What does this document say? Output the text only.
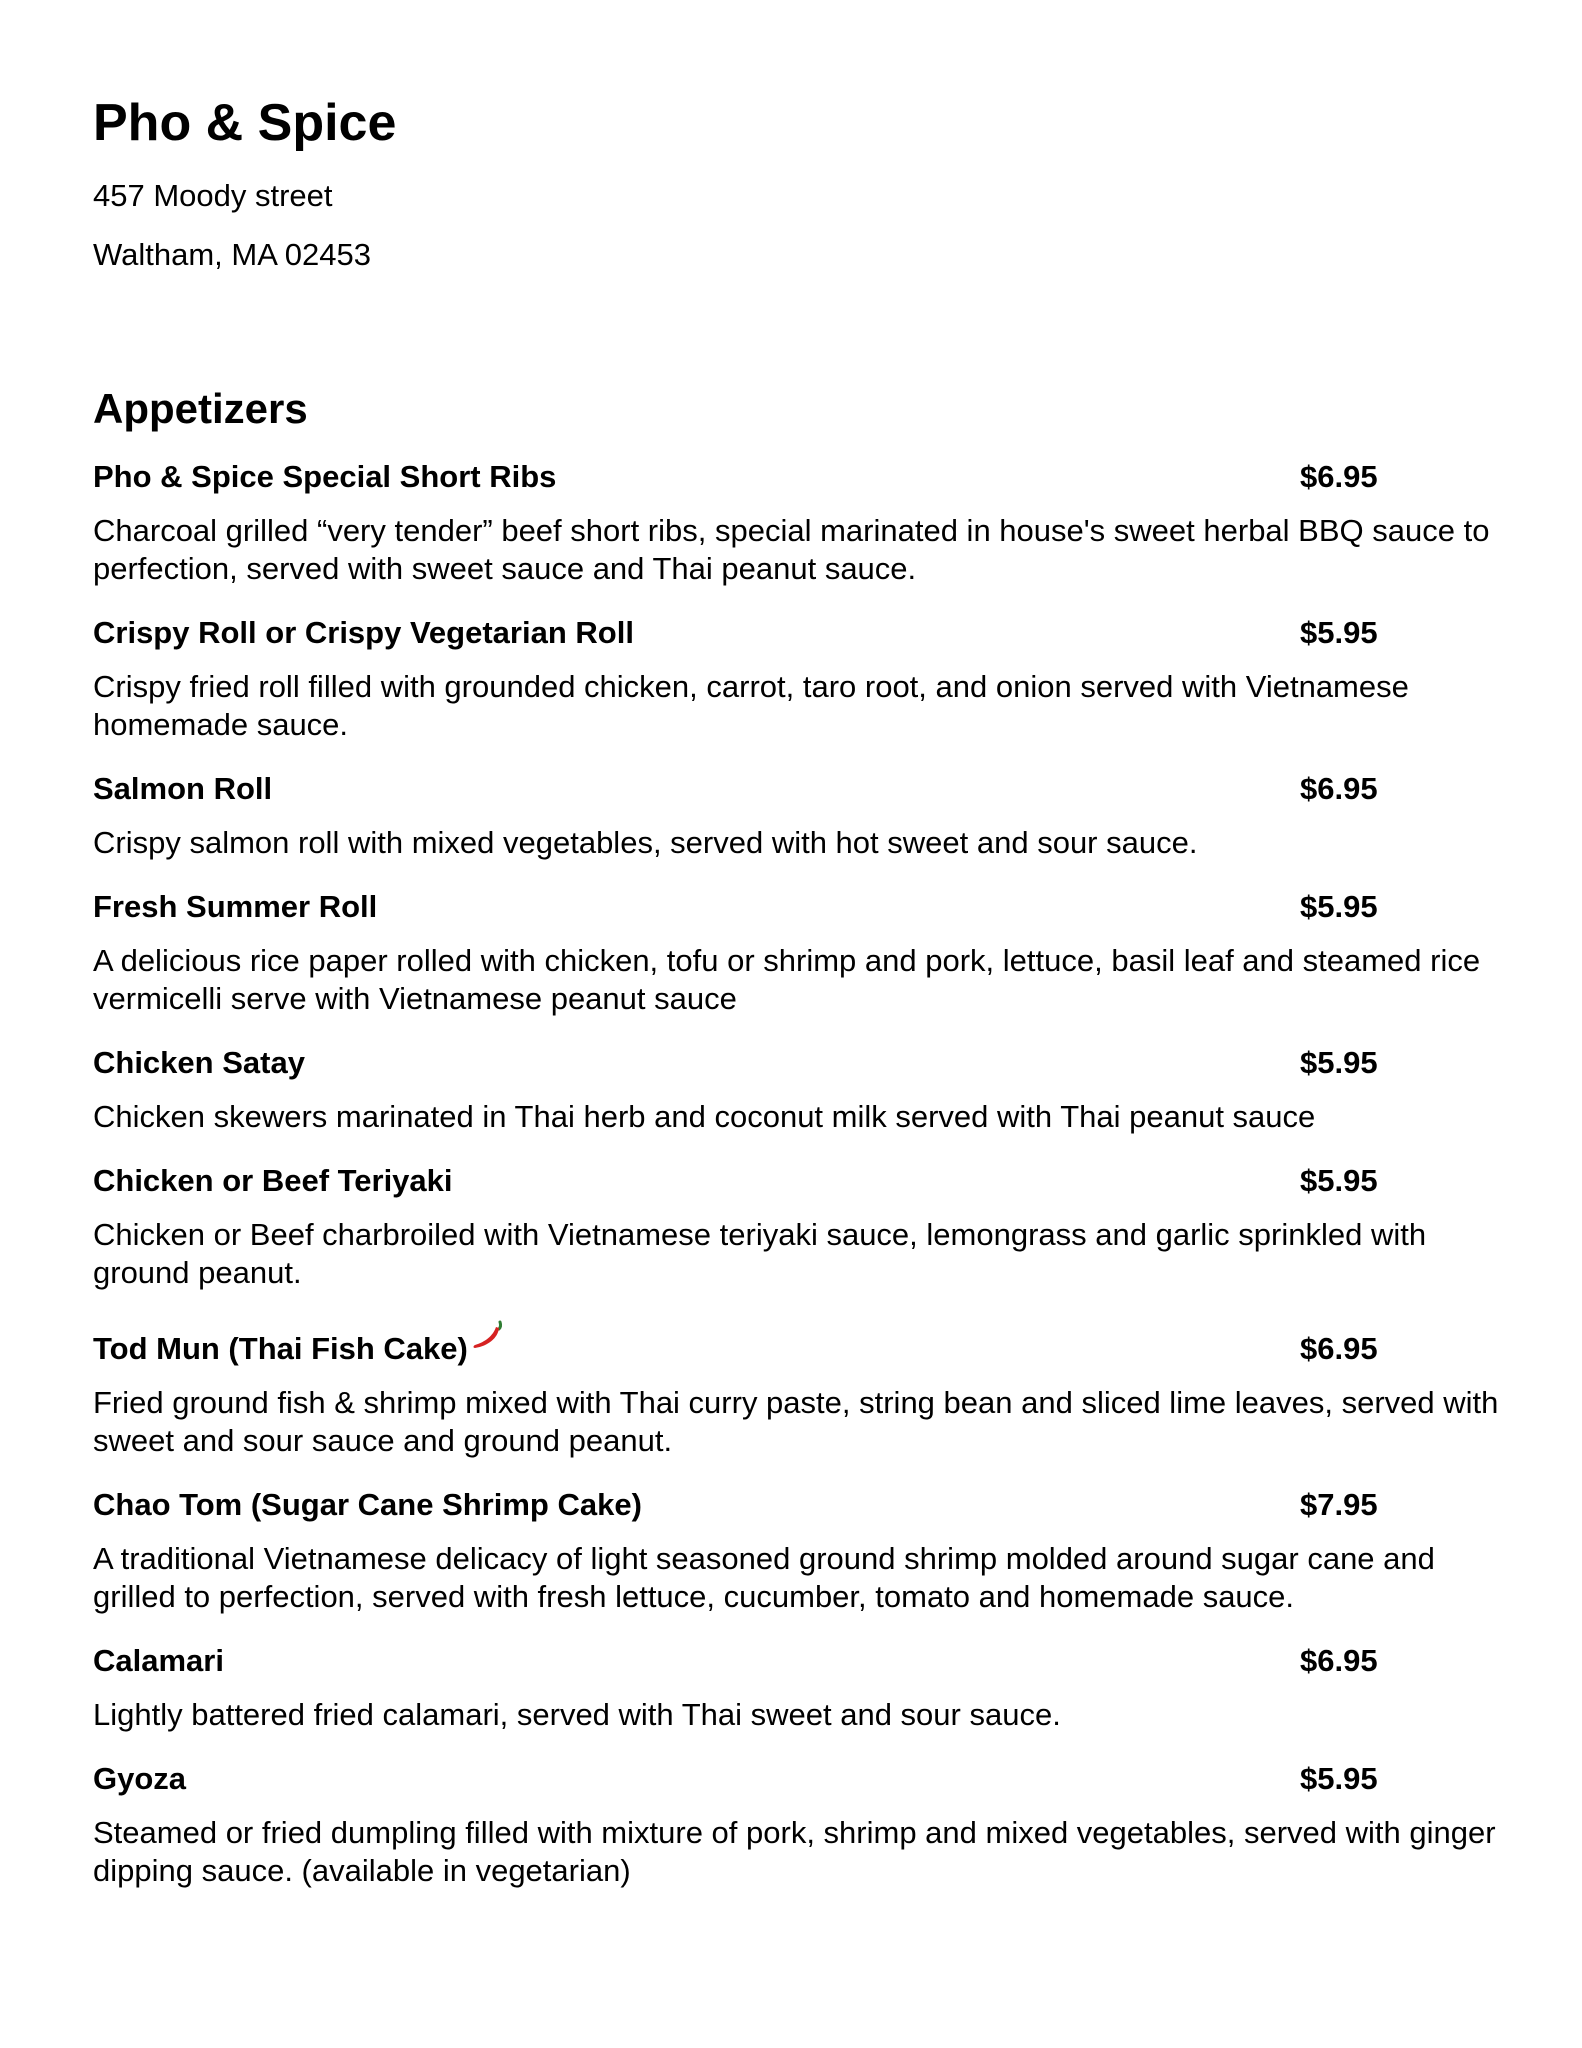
Pho & Spice
457 Moody street
Waltham, MA 02453
Appetizers
Pho & Spice Special Short Ribs	$6.95
Charcoal grilled “very tender” beef short ribs, special marinated in house's sweet herbal BBQ sauce to perfection, served with sweet sauce and Thai peanut sauce.
Crispy Roll or Crispy Vegetarian Roll	$5.95
Crispy fried roll filled with grounded chicken, carrot, taro root, and onion served with Vietnamese homemade sauce.
Salmon Roll	$6.95
Crispy salmon roll with mixed vegetables, served with hot sweet and sour sauce.
Fresh Summer Roll	$5.95
A delicious rice paper rolled with chicken, tofu or shrimp and pork, lettuce, basil leaf and steamed rice vermicelli serve with Vietnamese peanut sauce
Chicken Satay	$5.95
Chicken skewers marinated in Thai herb and coconut milk served with Thai peanut sauce
Chicken or Beef Teriyaki	$5.95
Chicken or Beef charbroiled with Vietnamese teriyaki sauce, lemongrass and garlic sprinkled with ground peanut.
Tod Mun (Thai Fish Cake)	$6.95
Fried ground fish & shrimp mixed with Thai curry paste, string bean and sliced lime leaves, served with sweet and sour sauce and ground peanut.
Chao Tom (Sugar Cane Shrimp Cake)	$7.95
A traditional Vietnamese delicacy of light seasoned ground shrimp molded around sugar cane and grilled to perfection, served with fresh lettuce, cucumber, tomato and homemade sauce.
Calamari	$6.95
Lightly battered fried calamari, served with Thai sweet and sour sauce.
Gyoza	$5.95
Steamed or fried dumpling filled with mixture of pork, shrimp and mixed vegetables, served with ginger dipping sauce. (available in vegetarian)
